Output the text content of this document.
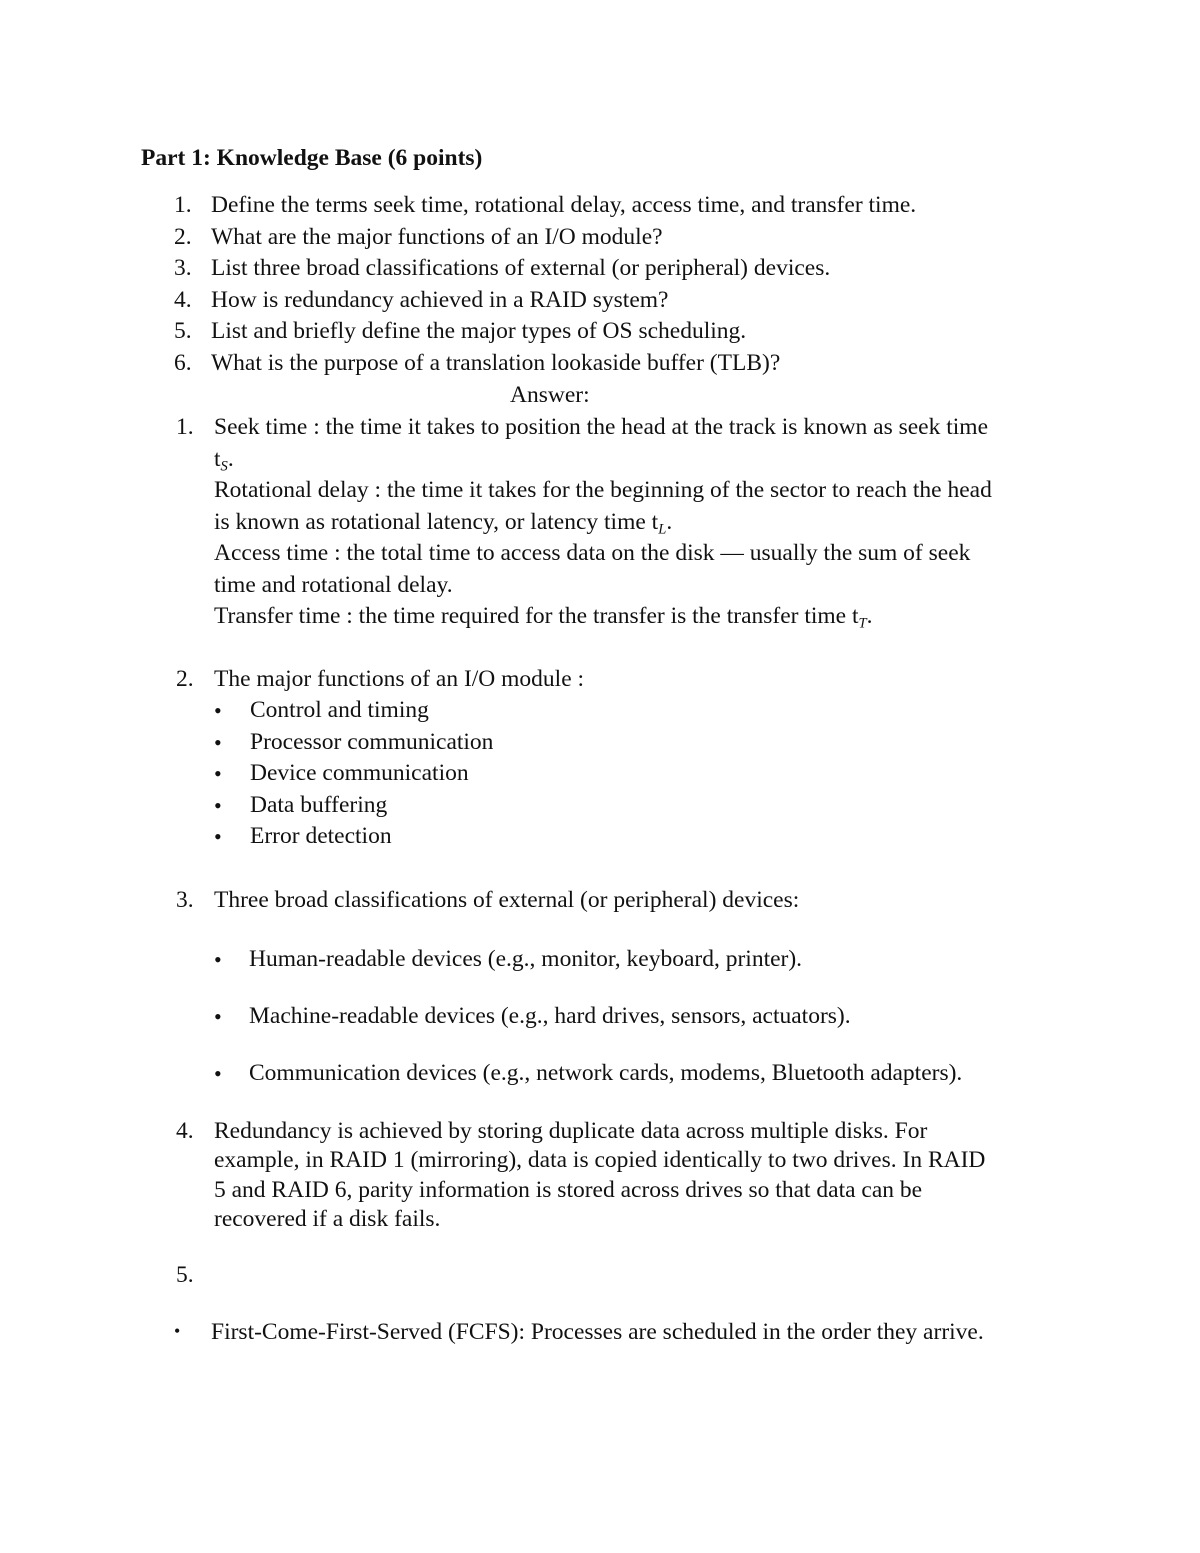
Part 1: Knowledge Base (6 points)
1. Define the terms seek time, rotational delay, access time, and transfer time.
2. What are the major functions of an I/O module?
3. List three broad classifications of external (or peripheral) devices.
4. How is redundancy achieved in a RAID system?
5. List and briefly define the major types of OS scheduling.
6. What is the purpose of a translation lookaside buffer (TLB)?
Answer:
1. Seek time : the time it takes to position the head at the track is known as seek time
$t_S$.
Rotational delay : the time it takes for the beginning of the sector to reach the head
is known as rotational latency, or latency time $t_L$.
Access time : the total time to access data on the disk — usually the sum of seek
time and rotational delay.
Transfer time : the time required for the transfer is the transfer time $t_T$.
2. The major functions of an I/O module :
• Control and timing
• Processor communication
• Device communication
• Data buffering
• Error detection
3. Three broad classifications of external (or peripheral) devices:
• Human-readable devices (e.g., monitor, keyboard, printer).
• Machine-readable devices (e.g., hard drives, sensors, actuators).
• Communication devices (e.g., network cards, modems, Bluetooth adapters).
4. Redundancy is achieved by storing duplicate data across multiple disks. For
example, in RAID 1 (mirroring), data is copied identically to two drives. In RAID
5 and RAID 6, parity information is stored across drives so that data can be
recovered if a disk fails.
5.
• First-Come-First-Served (FCFS): Processes are scheduled in the order they arrive.
